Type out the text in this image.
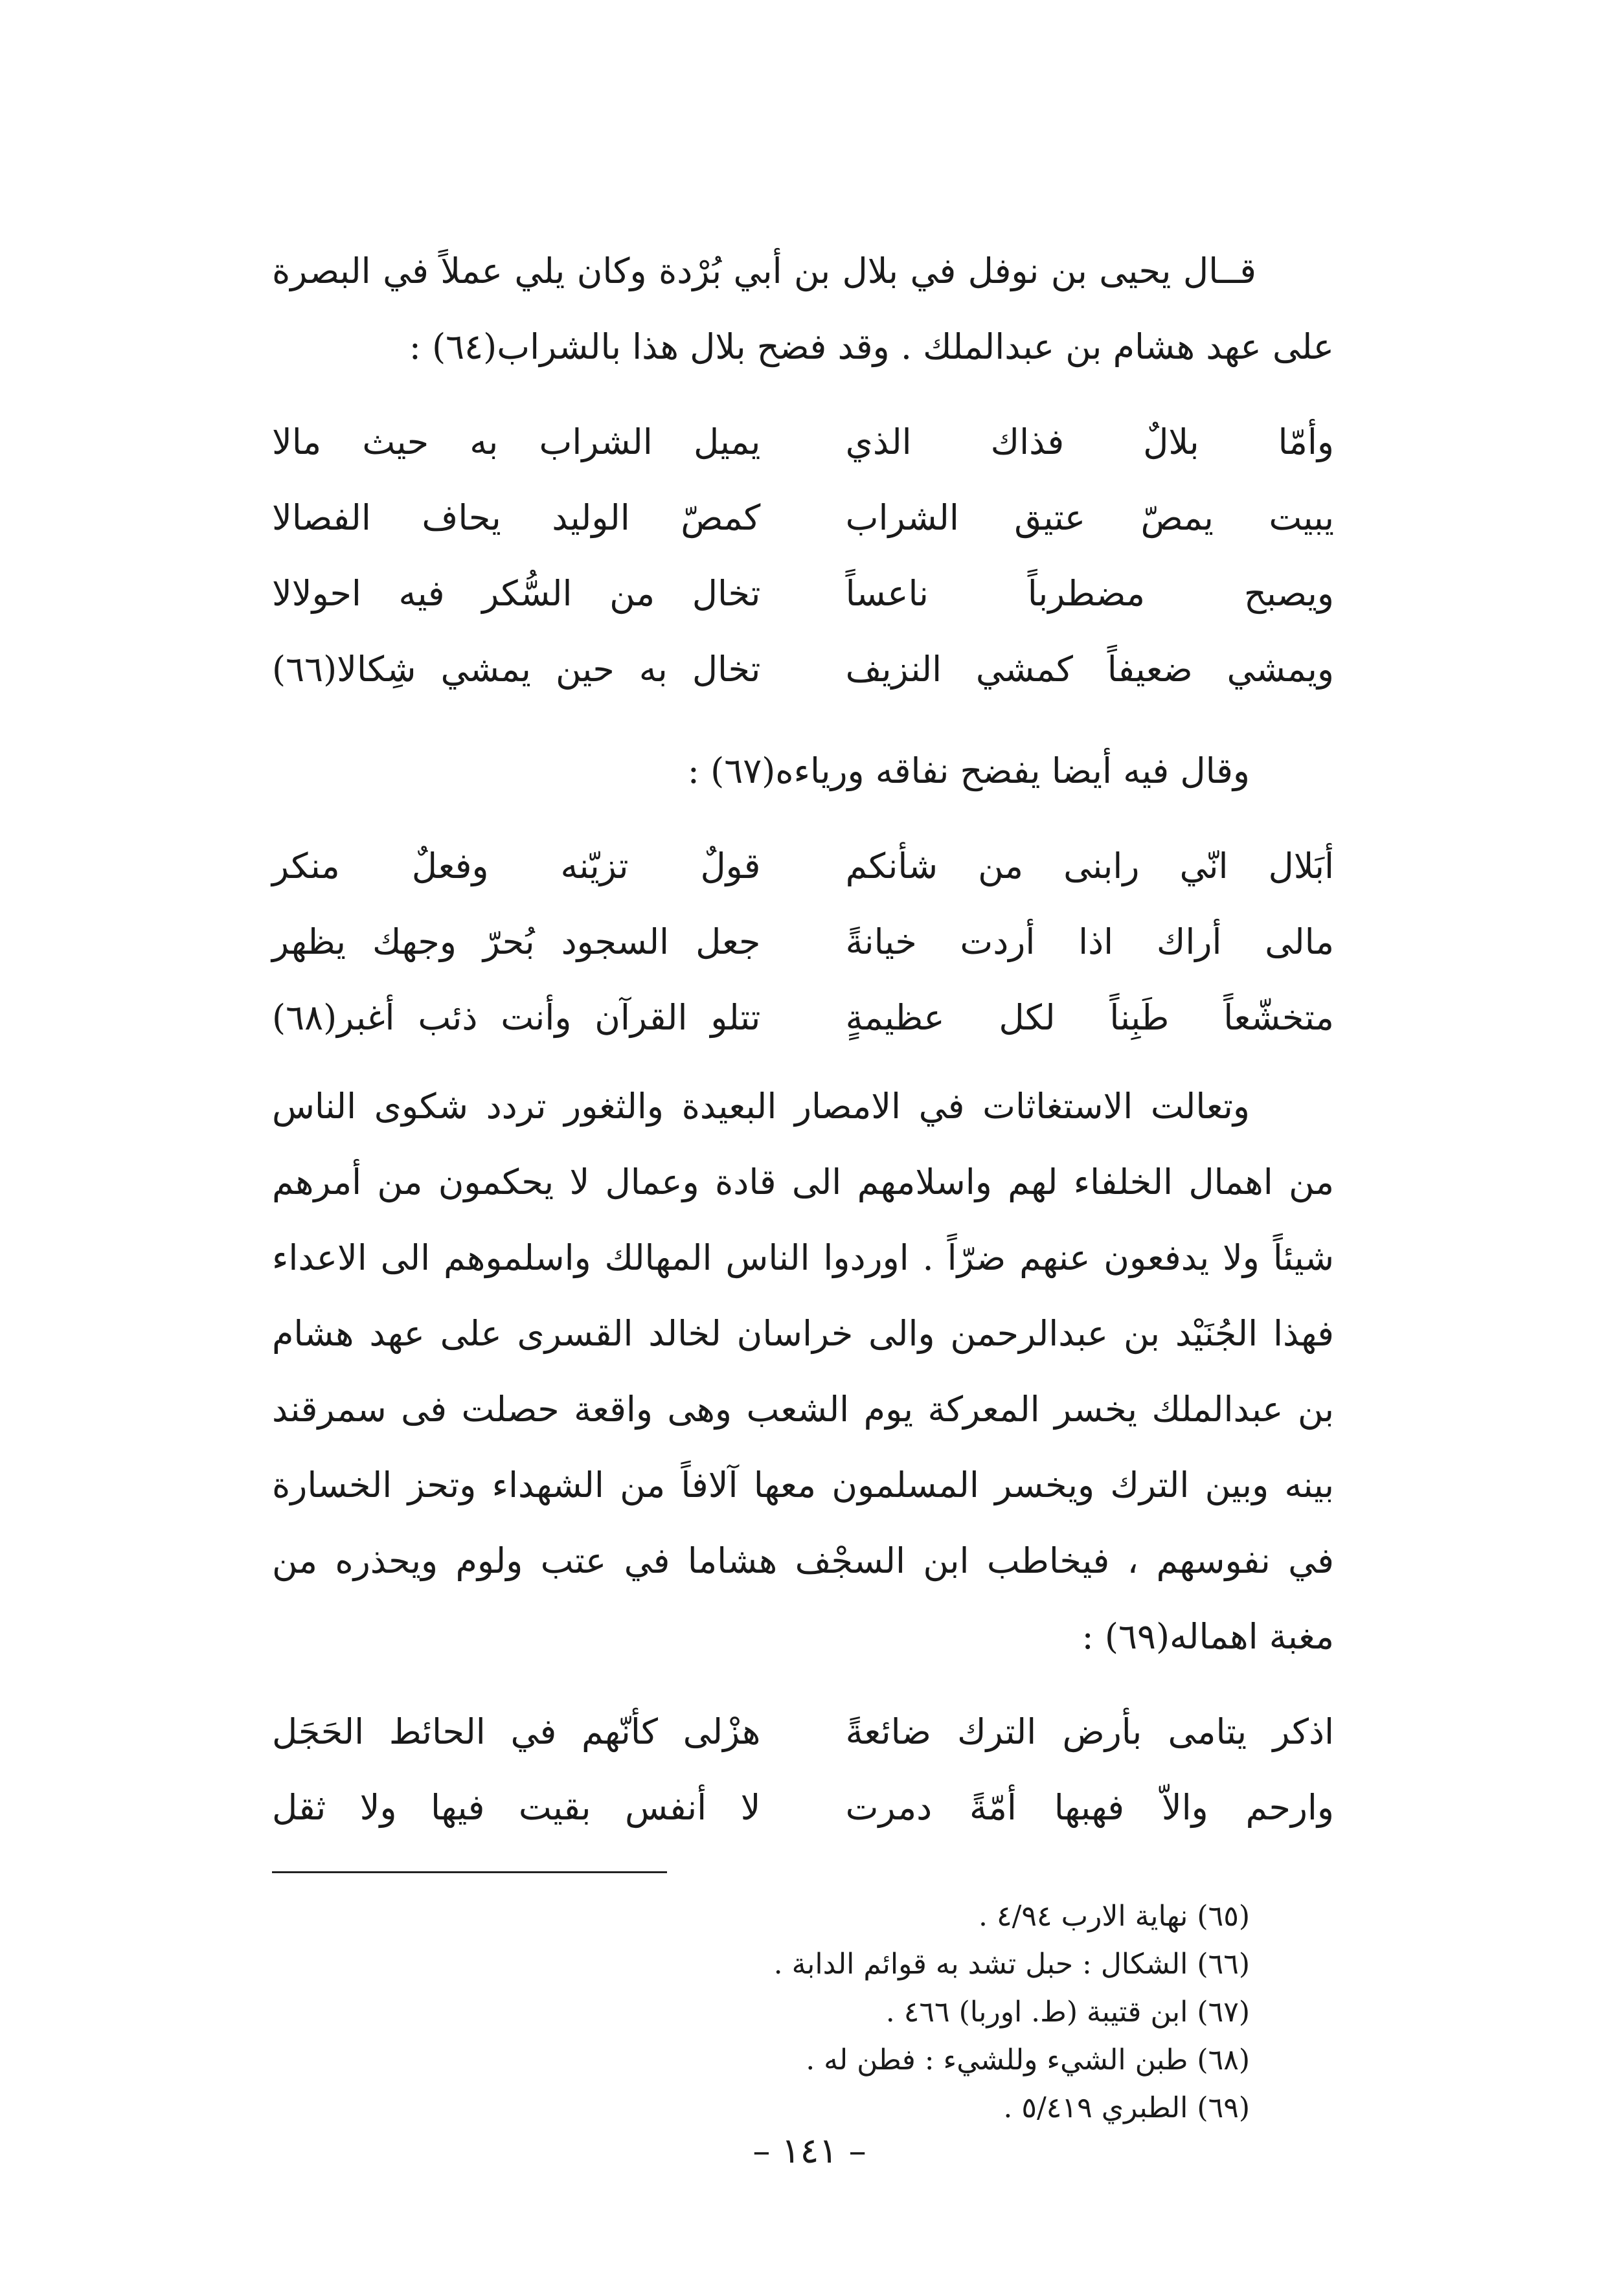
قــال يحيى بن نوفل في بلال بن أبي بُرْدة وكان يلي عملاً في البصرة على عهد هشام بن عبدالملك . وقد فضح بلال هذا بالشراب(٦٤) :

وأمّا بلالٌ فذاك الذي
يميل الشراب به حيث مالا
يبيت يمصّ عتيق الشراب
كمصّ الوليد يحاف الفصالا
ويصبح مضطرباً ناعساً
تخال من السُّكر فيه احولالا
ويمشي ضعيفاً كمشي النزيف
تخال به حين يمشي شِكالا(٦٦)

وقال فيه أيضا يفضح نفاقه ورياءه(٦٧) :

أبَلال انّي رابنى من شأنكم
قولٌ تزيّنه وفعلٌ منكر
مالى أراك اذا أردت خيانةً
جعل السجود بُحرّ وجهك يظهر
متخشّعاً طَبِناً لكل عظيمةٍ
تتلو القرآن وأنت ذئب أغبر(٦٨)

وتعالت الاستغاثات في الامصار البعيدة والثغور تردد شكوى الناس من اهمال الخلفاء لهم واسلامهم الى قادة وعمال لا يحكمون من أمرهم شيئاً ولا يدفعون عنهم ضرّاً . اوردوا الناس المهالك واسلموهم الى الاعداء فهذا الجُنَيْد بن عبدالرحمن والى خراسان لخالد القسرى على عهد هشام بن عبدالملك يخسر المعركة يوم الشعب وهى واقعة حصلت فى سمرقند بينه وبين الترك ويخسر المسلمون معها آلافاً من الشهداء وتحز الخسارة في نفوسهم ، فيخاطب ابن السجْف هشاما في عتب ولوم ويحذره من مغبة اهماله(٦٩) :

اذكر يتامى بأرض الترك ضائعةً
هزْلى كأنّهم في الحائط الحَجَل
وارحم والاّ فهبها أمّةً دمرت
لا أنفس بقيت فيها ولا ثقل
(٦٥) نهاية الارب ٤/٩٤ .
(٦٦) الشكال : حبل تشد به قوائم الدابة .
(٦٧) ابن قتيبة (ط. اوربا) ٤٦٦ .
(٦٨) طبن الشيء وللشيء : فطن له .
(٦٩) الطبري ٥/٤١٩ .
– ١٤١ –
